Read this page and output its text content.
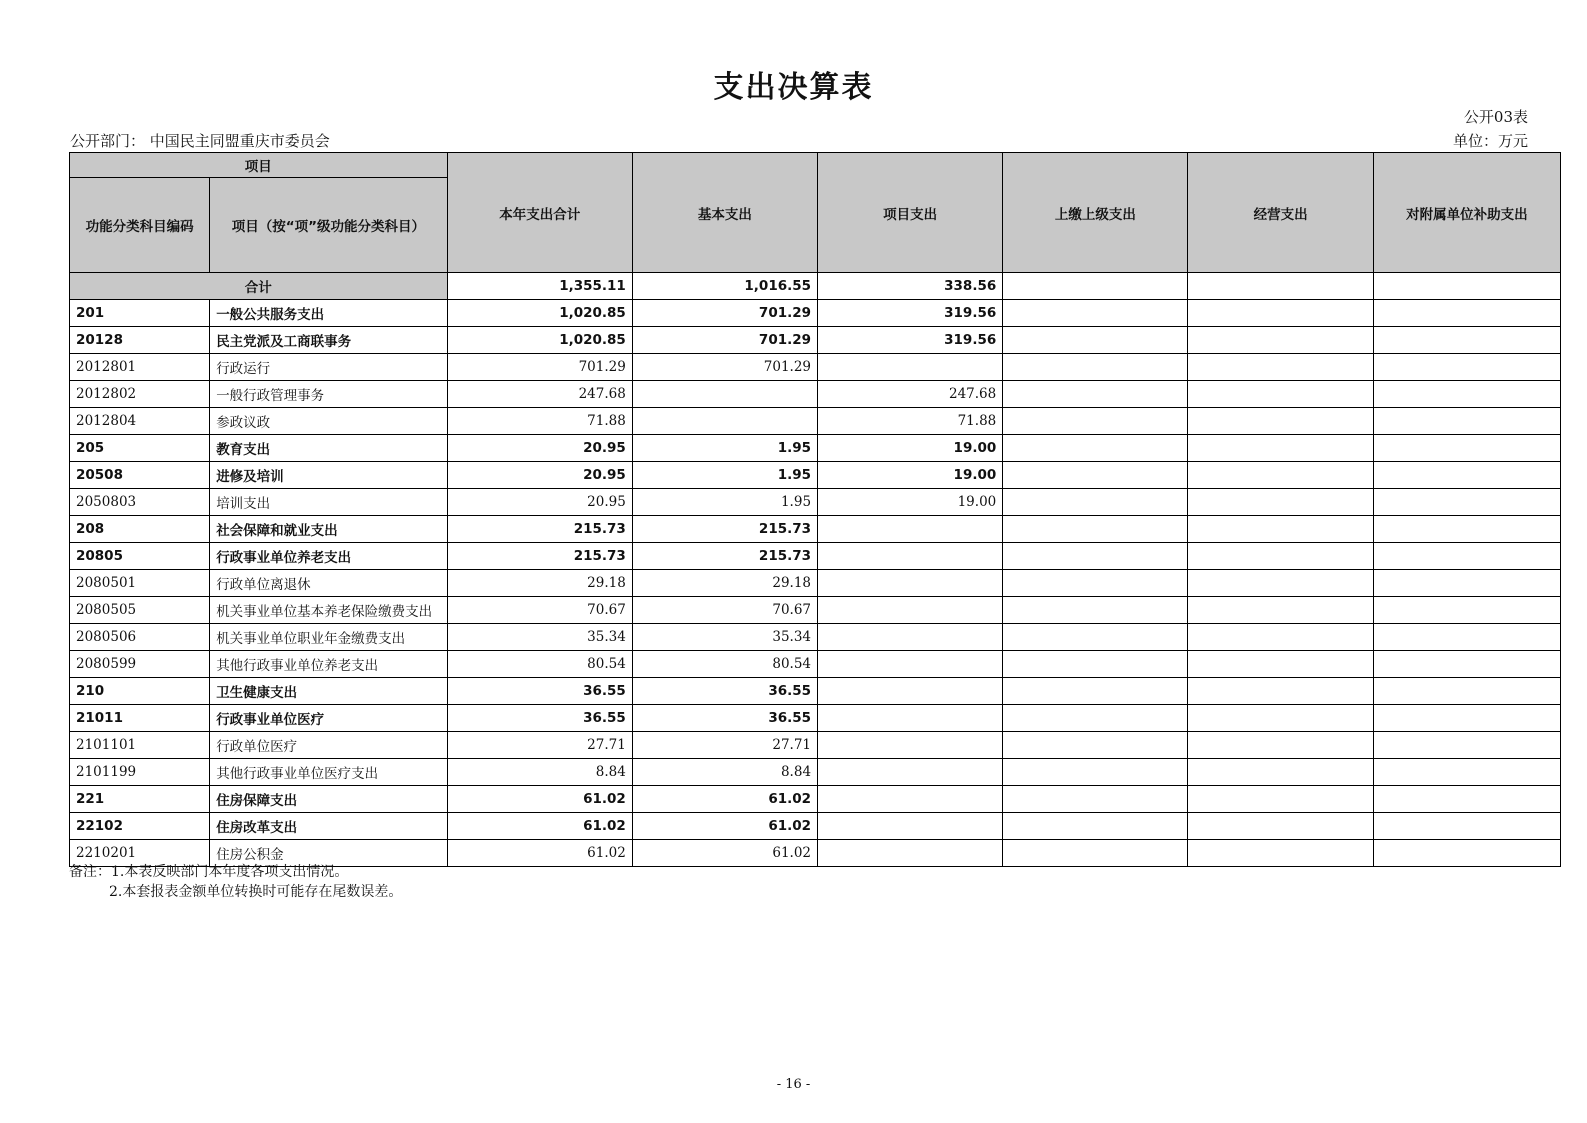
支出决算表
公开03表
公开部门： 中国民主同盟重庆市委员会	单位：万元
项目		本年支出合计	基本支出	项目支出	上缴上级支出	经营支出	对附属单位补助支出
功能分类科目编码	项目（按“项”级功能分类科目）						
合计		1,355.11	1,016.55	338.56			
201	一般公共服务支出	1,020.85	701.29	319.56			
20128	民主党派及工商联事务	1,020.85	701.29	319.56			
2012801	行政运行	701.29	701.29				
2012802	一般行政管理事务	247.68		247.68			
2012804	参政议政	71.88		71.88			
205	教育支出	20.95	1.95	19.00			
20508	进修及培训	20.95	1.95	19.00			
2050803	培训支出	20.95	1.95	19.00			
208	社会保障和就业支出	215.73	215.73				
20805	行政事业单位养老支出	215.73	215.73				
2080501	行政单位离退休	29.18	29.18				
2080505	机关事业单位基本养老保险缴费支出	70.67	70.67				
2080506	机关事业单位职业年金缴费支出	35.34	35.34				
2080599	其他行政事业单位养老支出	80.54	80.54				
210	卫生健康支出	36.55	36.55				
21011	行政事业单位医疗	36.55	36.55				
2101101	行政单位医疗	27.71	27.71				
2101199	其他行政事业单位医疗支出	8.84	8.84				
221	住房保障支出	61.02	61.02				
22102	住房改革支出	61.02	61.02				
2210201	住房公积金	61.02	61.02				
备注：1.本表反映部门本年度各项支出情况。
2.本套报表金额单位转换时可能存在尾数误差。
- 16 -
